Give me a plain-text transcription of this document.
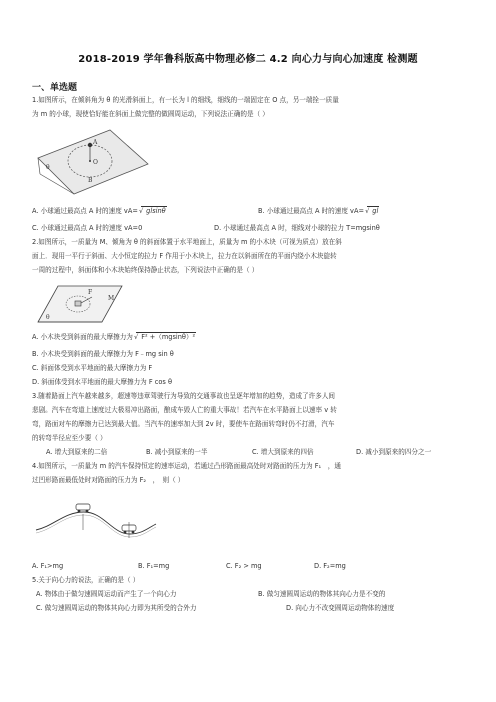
2018-2019 学年鲁科版高中物理必修二 4.2 向心力与向心加速度 检测题
一、单选题
1.如图所示，在倾斜角为 θ 的光滑斜面上，有一长为 l 的细线，细线的一端固定在 O 点，另一端拴一质量
为 m 的小球，现使恰好能在斜面上做完整的做圆周运动，下列说法正确的是（ ）
A
O
θ
B
A. 小球通过最高点 A 时的速度 vA= √ glsinθ	B. 小球通过最高点 A 时的速度 vA= √ gl
C. 小球通过最高点 A 时的速度 vA=0	D. 小球通过最高点 A 时，细线对小球的拉力 T=mgsinθ
2.如图所示，一质量为 M、倾角为 θ 的斜面体置于水平地面上，质量为 m 的小木块（可视为质点）放在斜
面上．现用一平行于斜面、大小恒定的拉力 F 作用于小木块上，拉力在以斜面所在的平面内绕小木块旋转
一周的过程中，斜面体和小木块始终保持静止状态，下列说法中正确的是（ ）
F
M
θ
A. 小木块受到斜面的最大摩擦力为 √ F² +（mgsinθ）²
B. 小木块受到斜面的最大摩擦力为 F﹣mg sin θ
C. 斜面体受到水平地面的最大摩擦力为 F
D. 斜面体受到水平地面的最大摩擦力为 F cos θ
3.随着路面上汽车越来越多，超速等违章驾驶行为导致的交通事故也呈逐年增加的趋势，造成了许多人间
悲剧。汽车在弯道上速度过大极易冲出路面，酿成车毁人亡的重大事故！若汽车在水平路面上以速率 v 转
弯，路面对车的摩擦力已达到最大值。当汽车的速率加大到 2v 时，要使车在路面转弯时仍不打滑，汽车
的转弯半径应至少要（ ）
A. 增大到原来的二倍	B. 减小到原来的一半	C. 增大到原来的四倍	D. 减小到原来的四分之一
4.如图所示，一质量为 m 的汽车保持恒定的速率运动，若通过凸形路面最高处时对路面的压力为 F₁　，通
过凹形路面最低处时对路面的压力为 F₂　，　则（ ）
A. F₁>mg	B. F₁=mg	C. F₂ > mg	D. F₂=mg
5.关于向心力的说法，正确的是（ ）
A. 物体由于做匀速圆周运动而产生了一个向心力	B. 做匀速圆周运动的物体其向心力是不变的
C. 做匀速圆周运动的物体其向心力即为其所受的合外力	D. 向心力不改变圆周运动物体的速度
